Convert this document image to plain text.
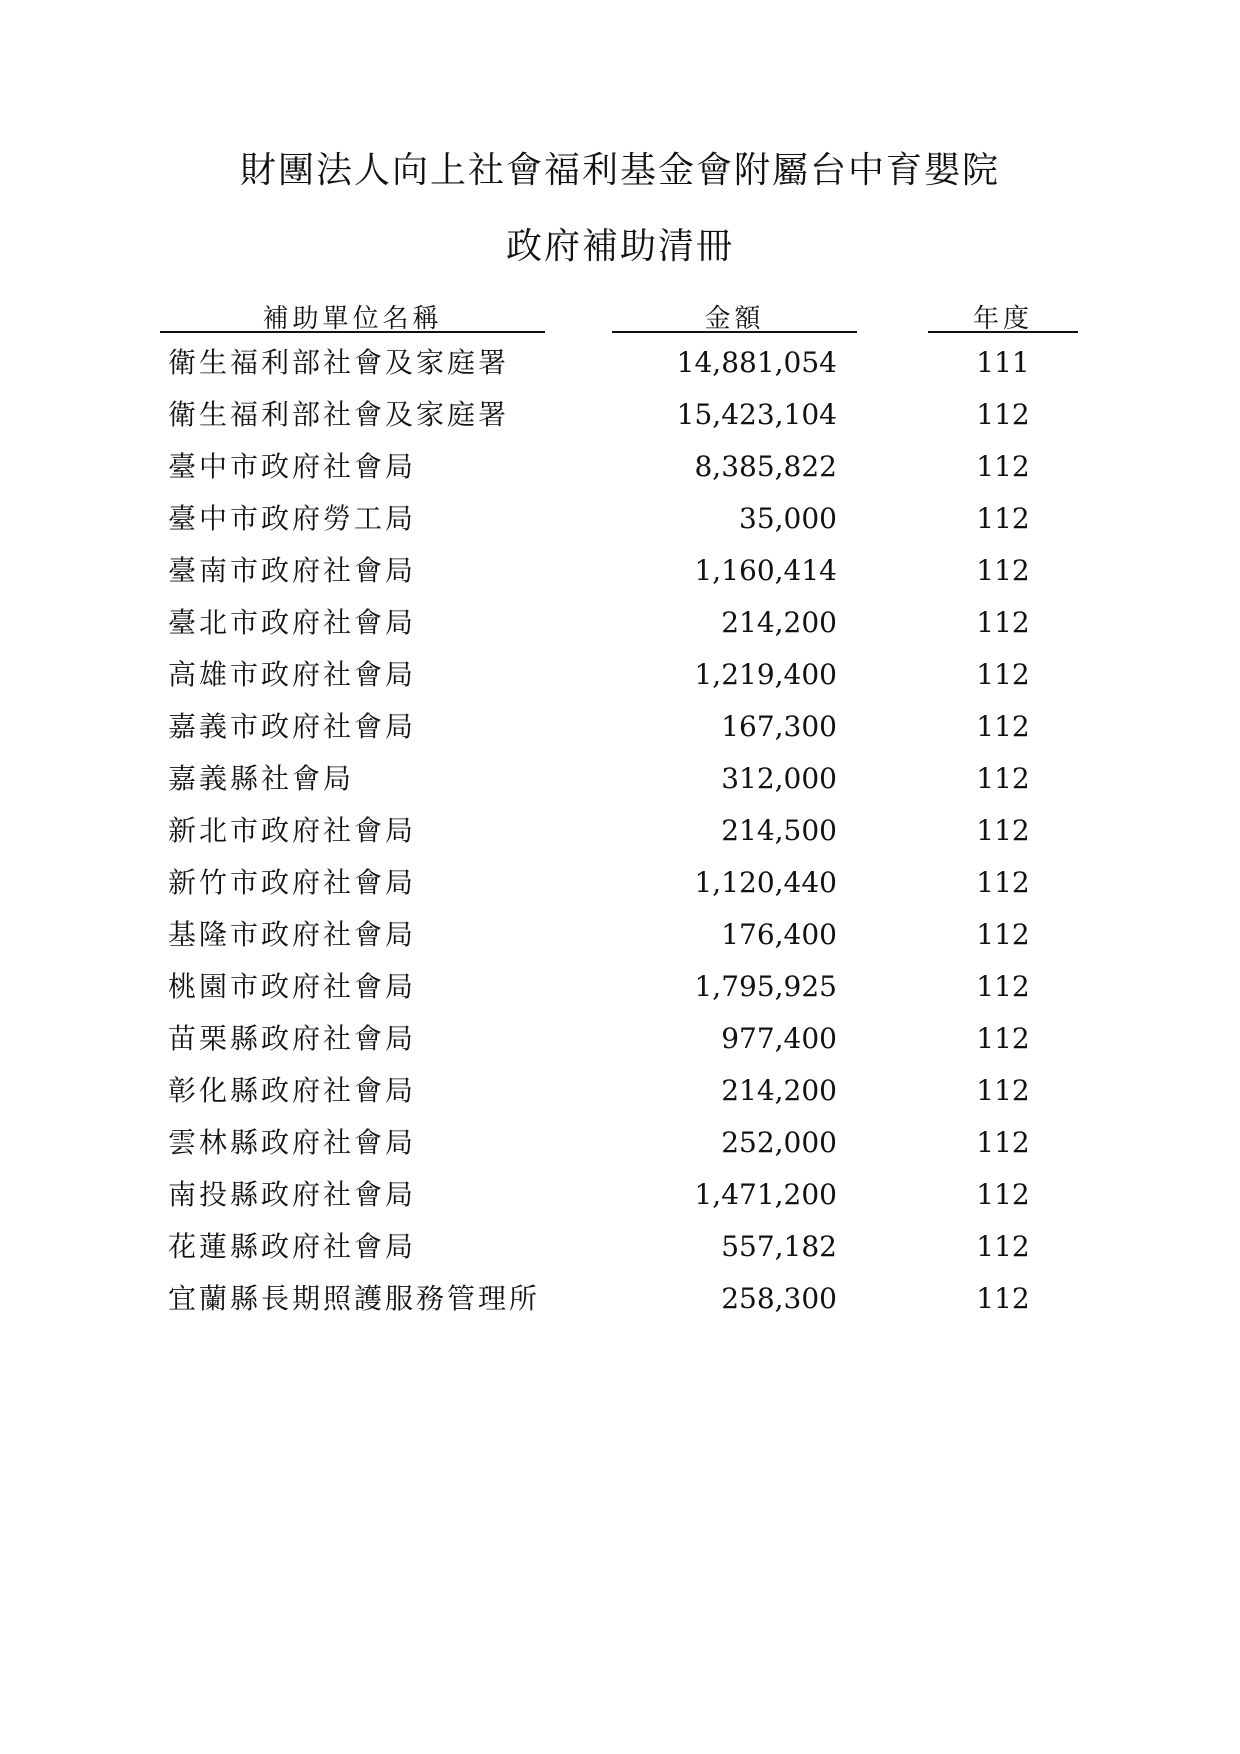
財團法人向上社會福利基金會附屬台中育嬰院
政府補助清冊
補助單位名稱	金額	年度
衛生福利部社會及家庭署	14,881,054	111
衛生福利部社會及家庭署	15,423,104	112
臺中市政府社會局	8,385,822	112
臺中市政府勞工局	35,000	112
臺南市政府社會局	1,160,414	112
臺北市政府社會局	214,200	112
高雄市政府社會局	1,219,400	112
嘉義市政府社會局	167,300	112
嘉義縣社會局	312,000	112
新北市政府社會局	214,500	112
新竹市政府社會局	1,120,440	112
基隆市政府社會局	176,400	112
桃園市政府社會局	1,795,925	112
苗栗縣政府社會局	977,400	112
彰化縣政府社會局	214,200	112
雲林縣政府社會局	252,000	112
南投縣政府社會局	1,471,200	112
花蓮縣政府社會局	557,182	112
宜蘭縣長期照護服務管理所	258,300	112
